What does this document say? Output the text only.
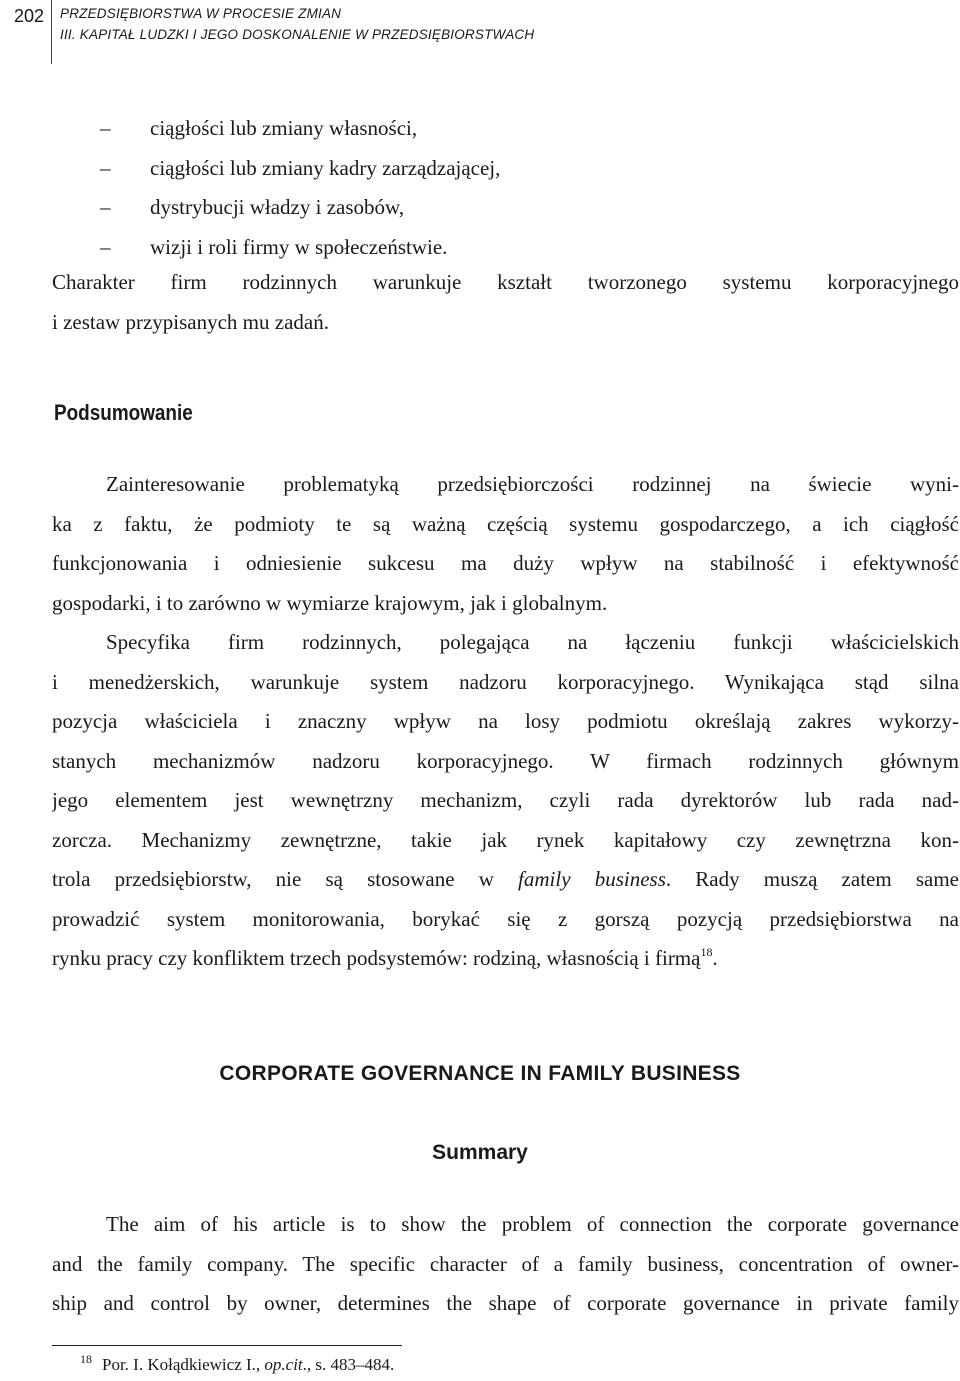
202 PRZEDSIĘBIORSTWA W PROCESIE ZMIAN
III. KAPITAŁ LUDZKI I JEGO DOSKONALENIE W PRZEDSIĘBIORSTWACH
– ciągłości lub zmiany własności,
– ciągłości lub zmiany kadry zarządzającej,
– dystrybucji władzy i zasobów,
– wizji i roli firmy w społeczeństwie.
Charakter firm rodzinnych warunkuje kształt tworzonego systemu korporacyjnego
i zestaw przypisanych mu zadań.
Podsumowanie
Zainteresowanie problematyką przedsiębiorczości rodzinnej na świecie wyni-
ka z faktu, że podmioty te są ważną częścią systemu gospodarczego, a ich ciągłość
funkcjonowania i odniesienie sukcesu ma duży wpływ na stabilność i efektywność
gospodarki, i to zarówno w wymiarze krajowym, jak i globalnym.
Specyfika firm rodzinnych, polegająca na łączeniu funkcji właścicielskich
i menedżerskich, warunkuje system nadzoru korporacyjnego. Wynikająca stąd silna
pozycja właściciela i znaczny wpływ na losy podmiotu określają zakres wykorzy-
stanych mechanizmów nadzoru korporacyjnego. W firmach rodzinnych głównym
jego elementem jest wewnętrzny mechanizm, czyli rada dyrektorów lub rada nad-
zorcza. Mechanizmy zewnętrzne, takie jak rynek kapitałowy czy zewnętrzna kon-
trola przedsiębiorstw, nie są stosowane w family business. Rady muszą zatem same
prowadzić system monitorowania, borykać się z gorszą pozycją przedsiębiorstwa na
rynku pracy czy konfliktem trzech podsystemów: rodziną, własnością i firmą$^{18}$.
CORPORATE GOVERNANCE IN FAMILY BUSINESS
Summary
The aim of his article is to show the problem of connection the corporate governance
and the family company. The specific character of a family business, concentration of owner-
ship and control by owner, determines the shape of corporate governance in private family
$^{18}$ Por. I. Kołądkiewicz I., op.cit., s. 483–484.
